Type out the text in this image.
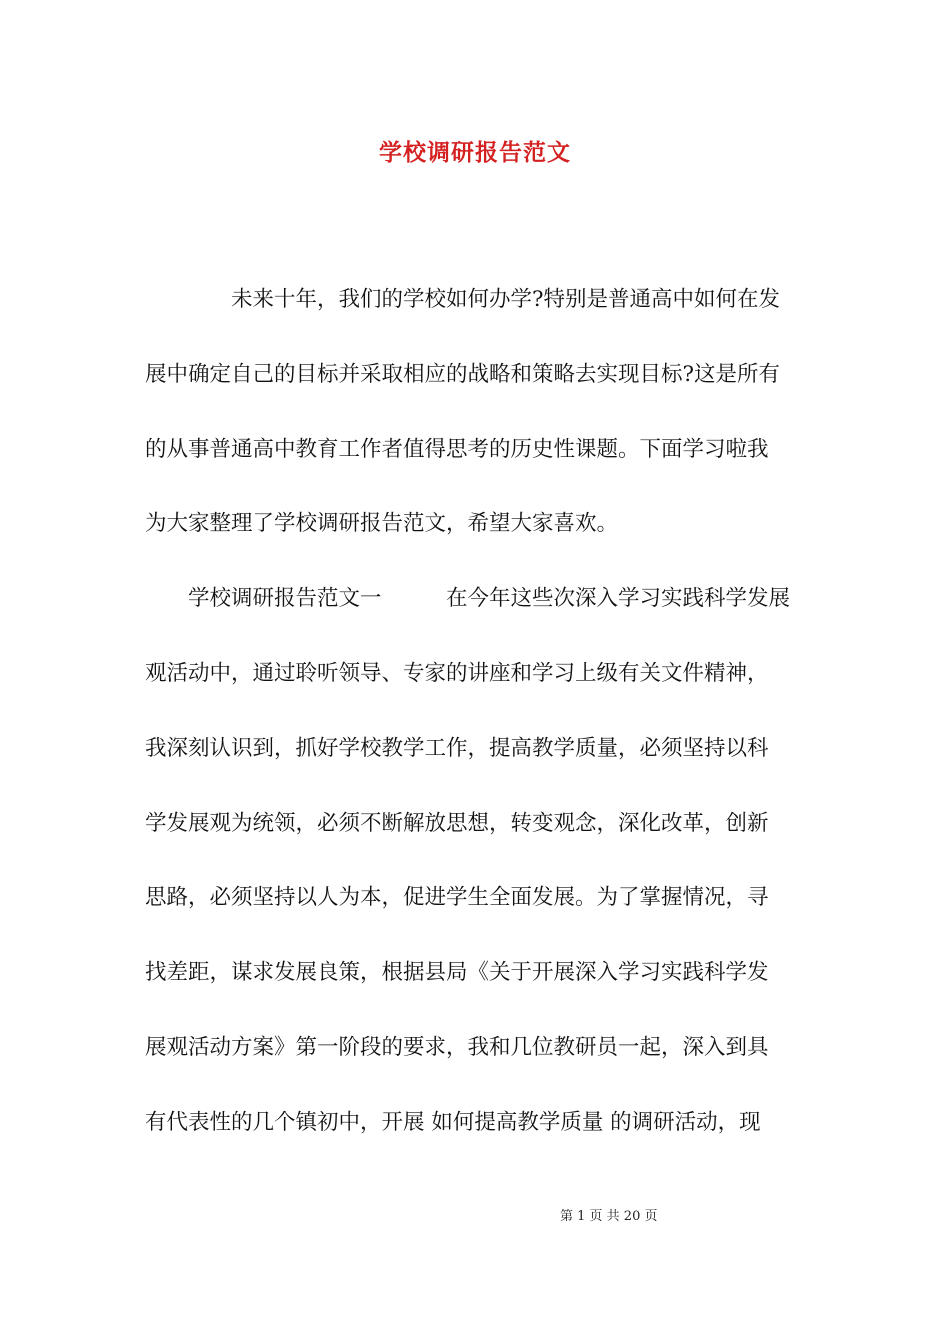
学校调研报告范文
　　　　未来十年，我们的学校如何办学?特别是普通高中如何在发
展中确定自己的目标并采取相应的战略和策略去实现目标?这是所有
的从事普通高中教育工作者值得思考的历史性课题。下面学习啦我
为大家整理了学校调研报告范文，希望大家喜欢。
　　学校调研报告范文一　　　在今年这些次深入学习实践科学发展
观活动中，通过聆听领导、专家的讲座和学习上级有关文件精神，
我深刻认识到，抓好学校教学工作，提高教学质量，必须坚持以科
学发展观为统领，必须不断解放思想，转变观念，深化改革，创新
思路，必须坚持以人为本，促进学生全面发展。为了掌握情况，寻
找差距，谋求发展良策，根据县局《关于开展深入学习实践科学发
展观活动方案》第一阶段的要求，我和几位教研员一起，深入到具
有代表性的几个镇初中，开展 如何提高教学质量 的调研活动，现
第 1 页 共 20 页
